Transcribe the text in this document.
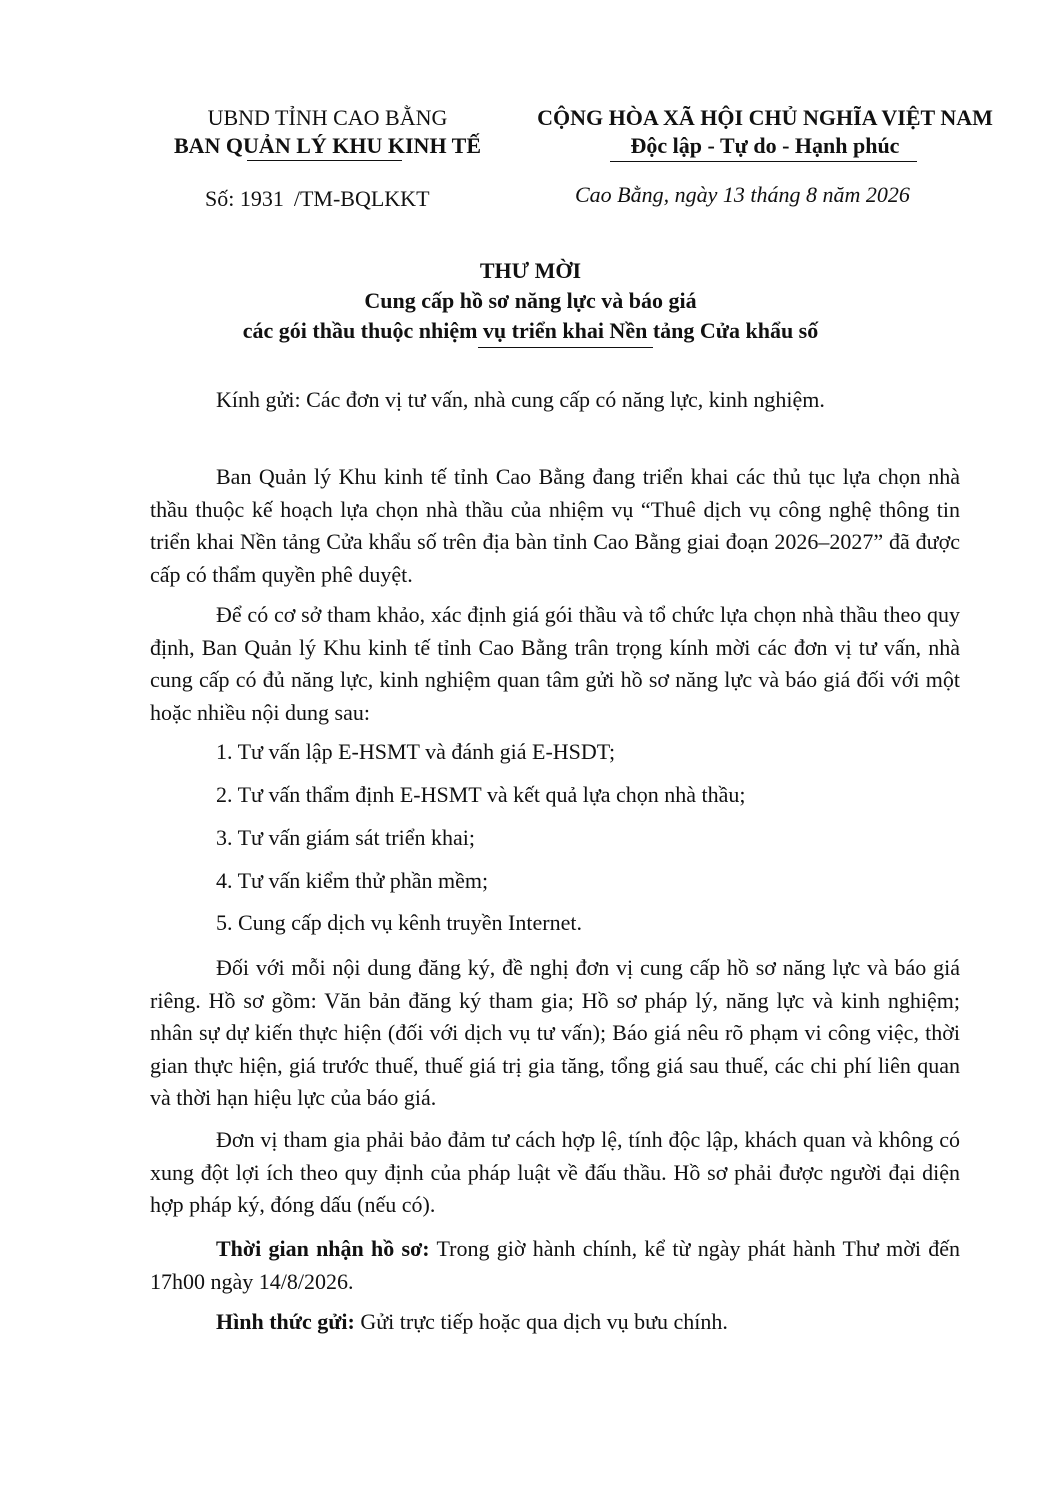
UBND TỈNH CAO BẰNG
BAN QUẢN LÝ KHU KINH TẾ
CỘNG HÒA XÃ HỘI CHỦ NGHĨA VIỆT NAM
Độc lập - Tự do - Hạnh phúc
Số: 1931 /TM-BQLKKT	Cao Bằng, ngày 13 tháng 8 năm 2026
THƯ MỜI
Cung cấp hồ sơ năng lực và báo giá
các gói thầu thuộc nhiệm vụ triển khai Nền tảng Cửa khẩu số
Kính gửi: Các đơn vị tư vấn, nhà cung cấp có năng lực, kinh nghiệm.
Ban Quản lý Khu kinh tế tỉnh Cao Bằng đang triển khai các thủ tục lựa chọn nhà thầu thuộc kế hoạch lựa chọn nhà thầu của nhiệm vụ “Thuê dịch vụ công nghệ thông tin triển khai Nền tảng Cửa khẩu số trên địa bàn tỉnh Cao Bằng giai đoạn 2026–2027” đã được cấp có thẩm quyền phê duyệt.
Để có cơ sở tham khảo, xác định giá gói thầu và tổ chức lựa chọn nhà thầu theo quy định, Ban Quản lý Khu kinh tế tỉnh Cao Bằng trân trọng kính mời các đơn vị tư vấn, nhà cung cấp có đủ năng lực, kinh nghiệm quan tâm gửi hồ sơ năng lực và báo giá đối với một hoặc nhiều nội dung sau:
1. Tư vấn lập E-HSMT và đánh giá E-HSDT;
2. Tư vấn thẩm định E-HSMT và kết quả lựa chọn nhà thầu;
3. Tư vấn giám sát triển khai;
4. Tư vấn kiểm thử phần mềm;
5. Cung cấp dịch vụ kênh truyền Internet.
Đối với mỗi nội dung đăng ký, đề nghị đơn vị cung cấp hồ sơ năng lực và báo giá riêng. Hồ sơ gồm: Văn bản đăng ký tham gia; Hồ sơ pháp lý, năng lực và kinh nghiệm; nhân sự dự kiến thực hiện (đối với dịch vụ tư vấn); Báo giá nêu rõ phạm vi công việc, thời gian thực hiện, giá trước thuế, thuế giá trị gia tăng, tổng giá sau thuế, các chi phí liên quan và thời hạn hiệu lực của báo giá.
Đơn vị tham gia phải bảo đảm tư cách hợp lệ, tính độc lập, khách quan và không có xung đột lợi ích theo quy định của pháp luật về đấu thầu. Hồ sơ phải được người đại diện hợp pháp ký, đóng dấu (nếu có).
Thời gian nhận hồ sơ: Trong giờ hành chính, kể từ ngày phát hành Thư mời đến 17h00 ngày 14/8/2026.
Hình thức gửi: Gửi trực tiếp hoặc qua dịch vụ bưu chính.
